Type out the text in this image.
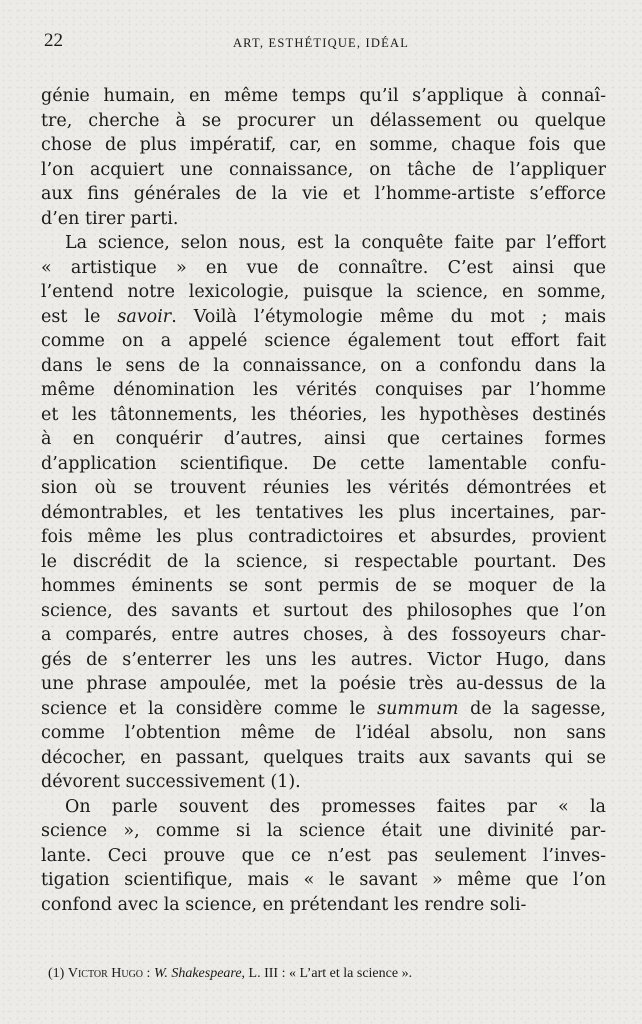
22	ART, ESTHÉTIQUE, IDÉAL
génie humain, en même temps qu’il s’applique à connaî-
tre, cherche à se procurer un délassement ou quelque
chose de plus impératif, car, en somme, chaque fois que
l’on acquiert une connaissance, on tâche de l’appliquer
aux fins générales de la vie et l’homme-artiste s’efforce
d’en tirer parti.
La science, selon nous, est la conquête faite par l’effort
« artistique » en vue de connaître. C’est ainsi que
l’entend notre lexicologie, puisque la science, en somme,
est le savoir. Voilà l’étymologie même du mot ; mais
comme on a appelé science également tout effort fait
dans le sens de la connaissance, on a confondu dans la
même dénomination les vérités conquises par l’homme
et les tâtonnements, les théories, les hypothèses destinés
à en conquérir d’autres, ainsi que certaines formes
d’application scientifique. De cette lamentable confu-
sion où se trouvent réunies les vérités démontrées et
démontrables, et les tentatives les plus incertaines, par-
fois même les plus contradictoires et absurdes, provient
le discrédit de la science, si respectable pourtant. Des
hommes éminents se sont permis de se moquer de la
science, des savants et surtout des philosophes que l’on
a comparés, entre autres choses, à des fossoyeurs char-
gés de s’enterrer les uns les autres. Victor Hugo, dans
une phrase ampoulée, met la poésie très au-dessus de la
science et la considère comme le summum de la sagesse,
comme l’obtention même de l’idéal absolu, non sans
décocher, en passant, quelques traits aux savants qui se
dévorent successivement (1).
On parle souvent des promesses faites par « la
science », comme si la science était une divinité par-
lante. Ceci prouve que ce n’est pas seulement l’inves-
tigation scientifique, mais « le savant » même que l’on
confond avec la science, en prétendant les rendre soli-
(1) Victor Hugo : W. Shakespeare, L. III : « L’art et la science ».
